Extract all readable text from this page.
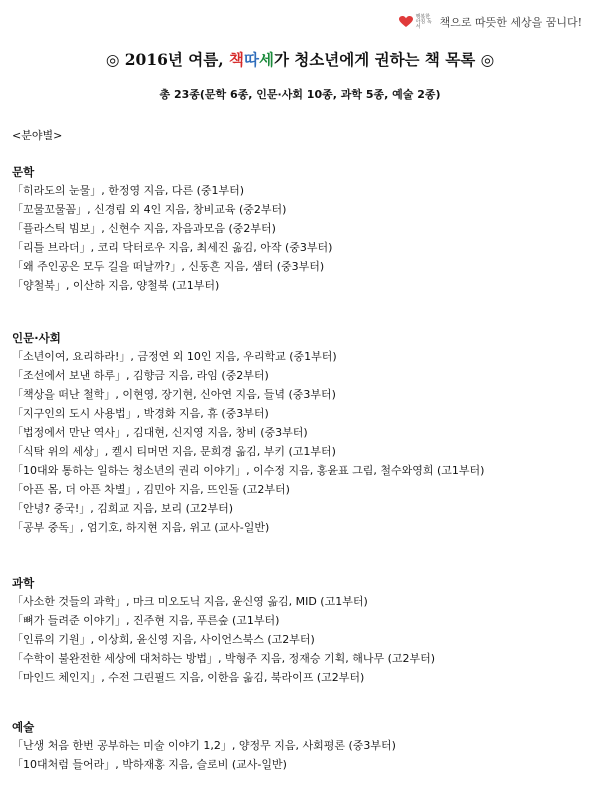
행복한아침 독서	책으로 따뜻한 세상을 꿈니다!
◎ 2016년 여름, 책따세가 청소년에게 권하는 책 목록 ◎
총 23종(문학 6종, 인문·사회 10종, 과학 5종, 예술 2종)
<분야별>
문학
「히라도의 눈물」, 한정영 지음, 다른 (중1부터)
「꼬물꼬물꼼」, 신경림 외 4인 지음, 창비교육 (중2부터)
「플라스틱 빔보」, 신현수 지음, 자음과모음 (중2부터)
「리틀 브라더」, 코리 닥터로우 지음, 최세진 옮김, 아작 (중3부터)
「왜 주인공은 모두 길을 떠날까?」, 신동흔 지음, 샘터 (중3부터)
「양철북」, 이산하 지음, 양철북 (고1부터)
인문·사회
「소년이여, 요리하라!」, 금정연 외 10인 지음, 우리학교 (중1부터)
「조선에서 보낸 하루」, 김향금 지음, 라임 (중2부터)
「책상을 떠난 철학」, 이현영, 장기현, 신아연 지음, 들녘 (중3부터)
「지구인의 도시 사용법」, 박경화 지음, 휴 (중3부터)
「법정에서 만난 역사」, 김대현, 신지영 지음, 창비 (중3부터)
「식탁 위의 세상」, 켈시 티머먼 지음, 문희경 옮김, 부키 (고1부터)
「10대와 통하는 일하는 청소년의 권리 이야기」, 이수정 지음, 홍윤표 그림, 철수와영희 (고1부터)
「아픈 몸, 더 아픈 차별」, 김민아 지음, 뜨인돌 (고2부터)
「안녕? 중국!」, 김희교 지음, 보리 (고2부터)
「공부 중독」, 엄기호, 하지현 지음, 위고 (교사-일반)
과학
「사소한 것들의 과학」, 마크 미오도닉 지음, 윤신영 옮김, MID (고1부터)
「뼈가 들려준 이야기」, 진주현 지음, 푸른숲 (고1부터)
「인류의 기원」, 이상희, 윤신영 지음, 사이언스북스 (고2부터)
「수학이 불완전한 세상에 대처하는 방법」, 박형주 지음, 정재승 기획, 해나무 (고2부터)
「마인드 체인지」, 수전 그린필드 지음, 이한음 옮김, 북라이프 (고2부터)
예술
「난생 처음 한번 공부하는 미술 이야기 1,2」, 양정무 지음, 사회평론 (중3부터)
「10대처럼 들어라」, 박하재홍 지음, 슬로비 (교사-일반)
